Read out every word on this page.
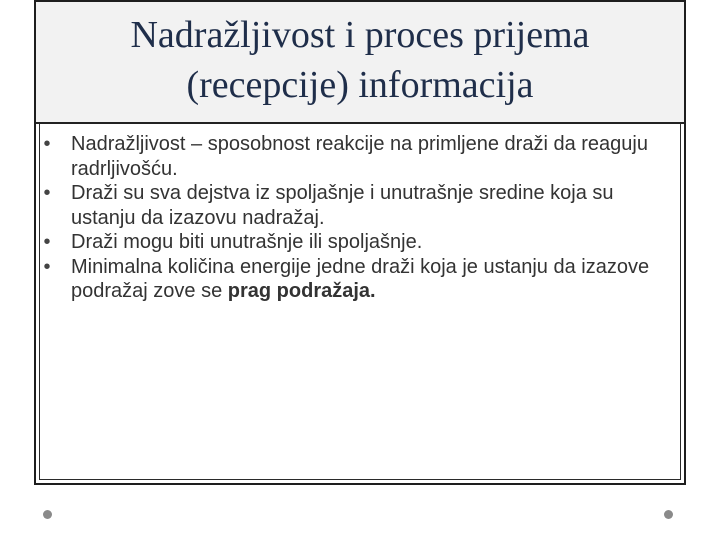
Nadražljivost i proces prijema
(recepcije) informacija
• Nadražljivost – sposobnost reakcije na primljene draži da reaguju radrljivošću.
• Draži su sva dejstva iz spoljašnje i unutrašnje sredine koja su ustanju da izazovu nadražaj.
• Draži mogu biti unutrašnje ili spoljašnje.
• Minimalna količina energije jedne draži koja je ustanju da izazove podražaj zove se prag podražaja.
